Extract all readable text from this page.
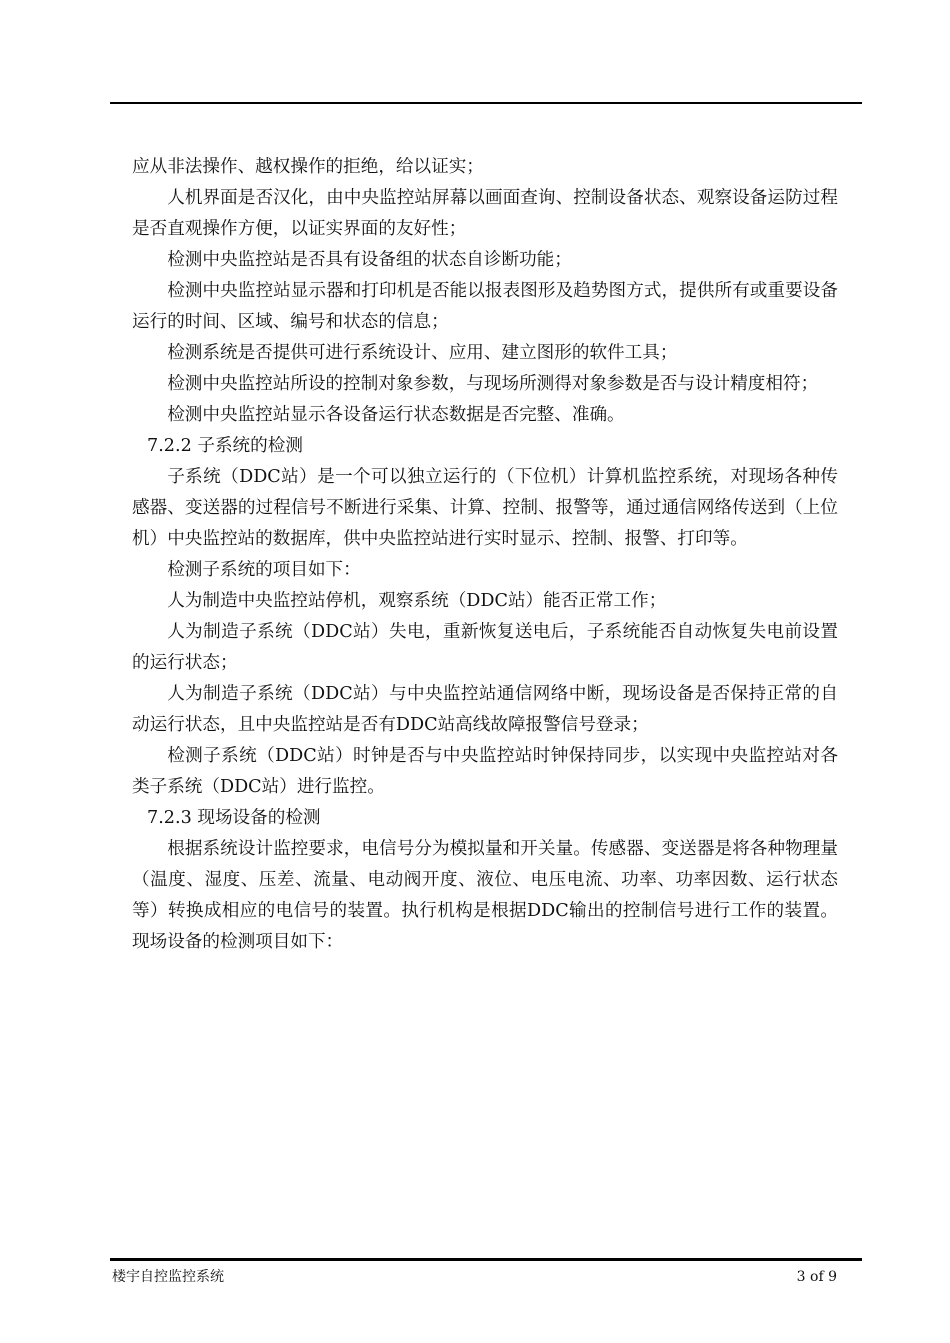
应从非法操作、越权操作的拒绝，给以证实；

人机界面是否汉化，由中央监控站屏幕以画面查询、控制设备状态、观察设备运防过程是否直观操作方便，以证实界面的友好性；

检测中央监控站是否具有设备组的状态自诊断功能；

检测中央监控站显示器和打印机是否能以报表图形及趋势图方式，提供所有或重要设备运行的时间、区域、编号和状态的信息；

检测系统是否提供可进行系统设计、应用、建立图形的软件工具；

检测中央监控站所设的控制对象参数，与现场所测得对象参数是否与设计精度相符；

检测中央监控站显示各设备运行状态数据是否完整、准确。

7.2.2 子系统的检测

子系统（DDC站）是一个可以独立运行的（下位机）计算机监控系统，对现场各种传感器、变送器的过程信号不断进行采集、计算、控制、报警等，通过通信网络传送到（上位机）中央监控站的数据库，供中央监控站进行实时显示、控制、报警、打印等。

检测子系统的项目如下：

人为制造中央监控站停机，观察系统（DDC站）能否正常工作；

人为制造子系统（DDC站）失电，重新恢复送电后，子系统能否自动恢复失电前设置的运行状态；

人为制造子系统（DDC站）与中央监控站通信网络中断，现场设备是否保持正常的自动运行状态，且中央监控站是否有DDC站高线故障报警信号登录；

检测子系统（DDC站）时钟是否与中央监控站时钟保持同步，以实现中央监控站对各类子系统（DDC站）进行监控。

7.2.3 现场设备的检测

根据系统设计监控要求，电信号分为模拟量和开关量。传感器、变送器是将各种物理量（温度、湿度、压差、流量、电动阀开度、液位、电压电流、功率、功率因数、运行状态等）转换成相应的电信号的装置。执行机构是根据DDC输出的控制信号进行工作的装置。现场设备的检测项目如下：

楼宇自控监控系统	3 of 9
